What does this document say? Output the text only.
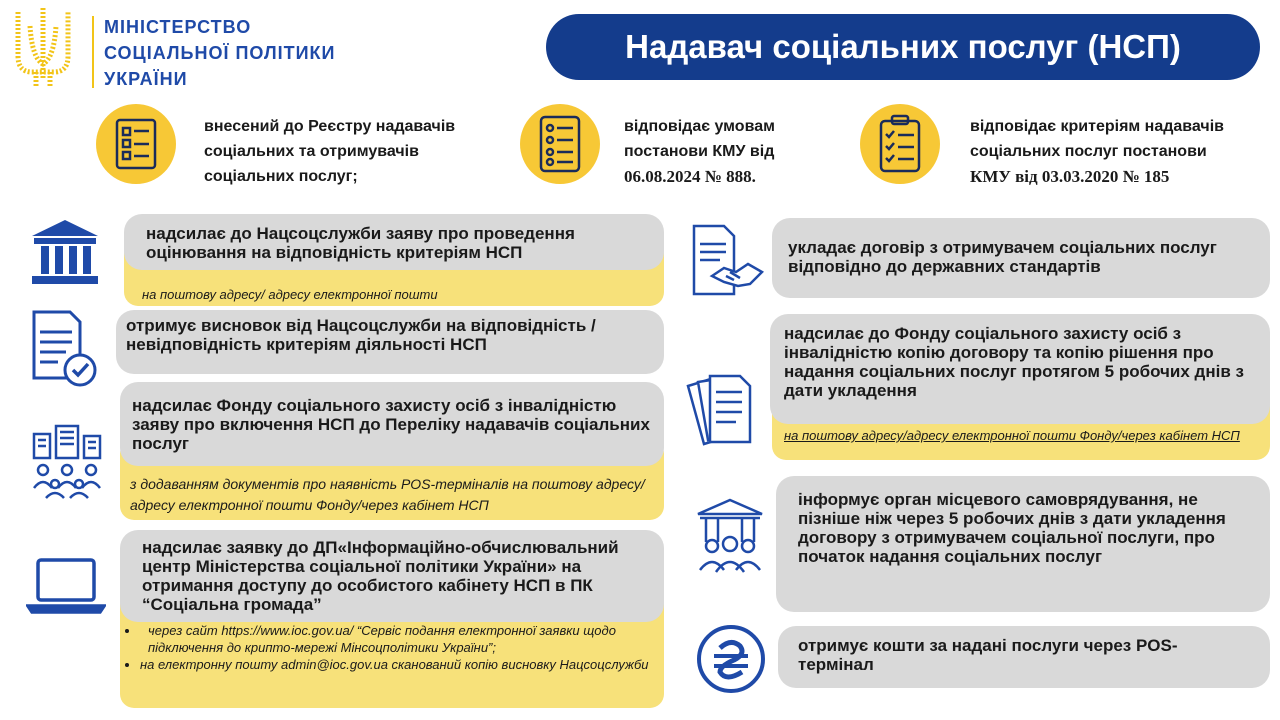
МІНІСТЕРСТВО
СОЦІАЛЬНОЇ ПОЛІТИКИ
УКРАЇНИ
Надавач соціальних послуг (НСП)
внесений до Реєстру надавачів
соціальних та отримувачів
соціальних послуг;
відповідає умовам
постанови КМУ від
06.08.2024 № 888.
відповідає критеріям надавачів
соціальних послуг постанови
КМУ від 03.03.2020 № 185
на поштову адресу/ адресу електронної пошти
надсилає до Нацсоцслужби заяву про проведення оцінювання на відповідність критеріям НСП
отримує висновок від Нацсоцслужби на відповідність /невідповідність критеріям діяльності НСП
з додаванням документів про наявність POS-терміналів на поштову адресу/адресу електронної пошти Фонду/через кабінет НСП
надсилає Фонду соціального захисту осіб з інвалідністю заяву про включення НСП до Переліку надавачів соціальних послуг
• через сайт https://www.ioc.gov.ua/ “Сервіс подання електронної заявки щодо підключення до крипто-мережі Мінсоцполітики України”;
• на електронну пошту admin@ioc.gov.ua сканований копію висновку Нацсоцслужби
надсилає заявку до ДП«Інформаційно-обчислювальний центр Міністерства соціальної політики України» на отримання доступу до особистого кабінету НСП в ПК “Соціальна громада”
укладає договір з отримувачем соціальних послуг відповідно до державних стандартів
на поштову адресу/адресу електронної пошти Фонду/через кабінет НСП
надсилає до Фонду соціального захисту осіб з інвалідністю копію договору та копію рішення про надання соціальних послуг протягом 5 робочих днів з дати укладення
інформує орган місцевого самоврядування, не пізніше ніж через 5 робочих днів з дати укладення договору з отримувачем соціальної послуги, про початок надання соціальних послуг
отримує кошти за надані послуги через POS-термінал
